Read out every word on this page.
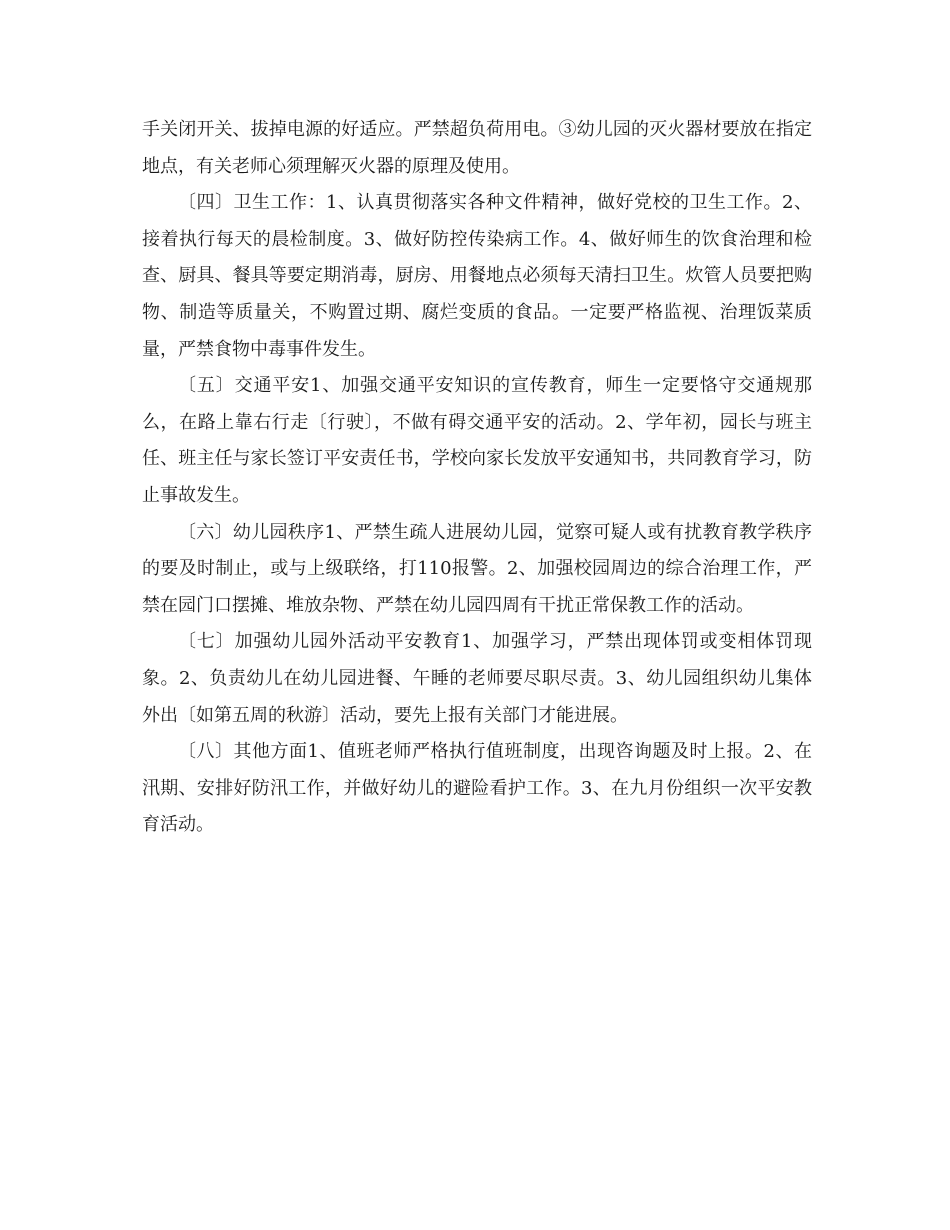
手关闭开关、拔掉电源的好适应。严禁超负荷用电。③幼儿园的灭火器材要放在指定地点，有关老师心须理解灭火器的原理及使用。

〔四〕卫生工作：1、认真贯彻落实各种文件精神，做好党校的卫生工作。2、接着执行每天的晨检制度。3、做好防控传染病工作。4、做好师生的饮食治理和检查、厨具、餐具等要定期消毒，厨房、用餐地点必须每天清扫卫生。炊管人员要把购物、制造等质量关，不购置过期、腐烂变质的食品。一定要严格监视、治理饭菜质量，严禁食物中毒事件发生。

〔五〕交通平安1、加强交通平安知识的宣传教育，师生一定要恪守交通规那么，在路上靠右行走〔行驶〕，不做有碍交通平安的活动。2、学年初，园长与班主任、班主任与家长签订平安责任书，学校向家长发放平安通知书，共同教育学习，防止事故发生。

〔六〕幼儿园秩序1、严禁生疏人进展幼儿园，觉察可疑人或有扰教育教学秩序的要及时制止，或与上级联络，打110报警。2、加强校园周边的综合治理工作，严禁在园门口摆摊、堆放杂物、严禁在幼儿园四周有干扰正常保教工作的活动。

〔七〕加强幼儿园外活动平安教育1、加强学习，严禁出现体罚或变相体罚现象。2、负责幼儿在幼儿园进餐、午睡的老师要尽职尽责。3、幼儿园组织幼儿集体外出〔如第五周的秋游〕活动，要先上报有关部门才能进展。

〔八〕其他方面1、值班老师严格执行值班制度，出现咨询题及时上报。2、在汛期、安排好防汛工作，并做好幼儿的避险看护工作。3、在九月份组织一次平安教育活动。
